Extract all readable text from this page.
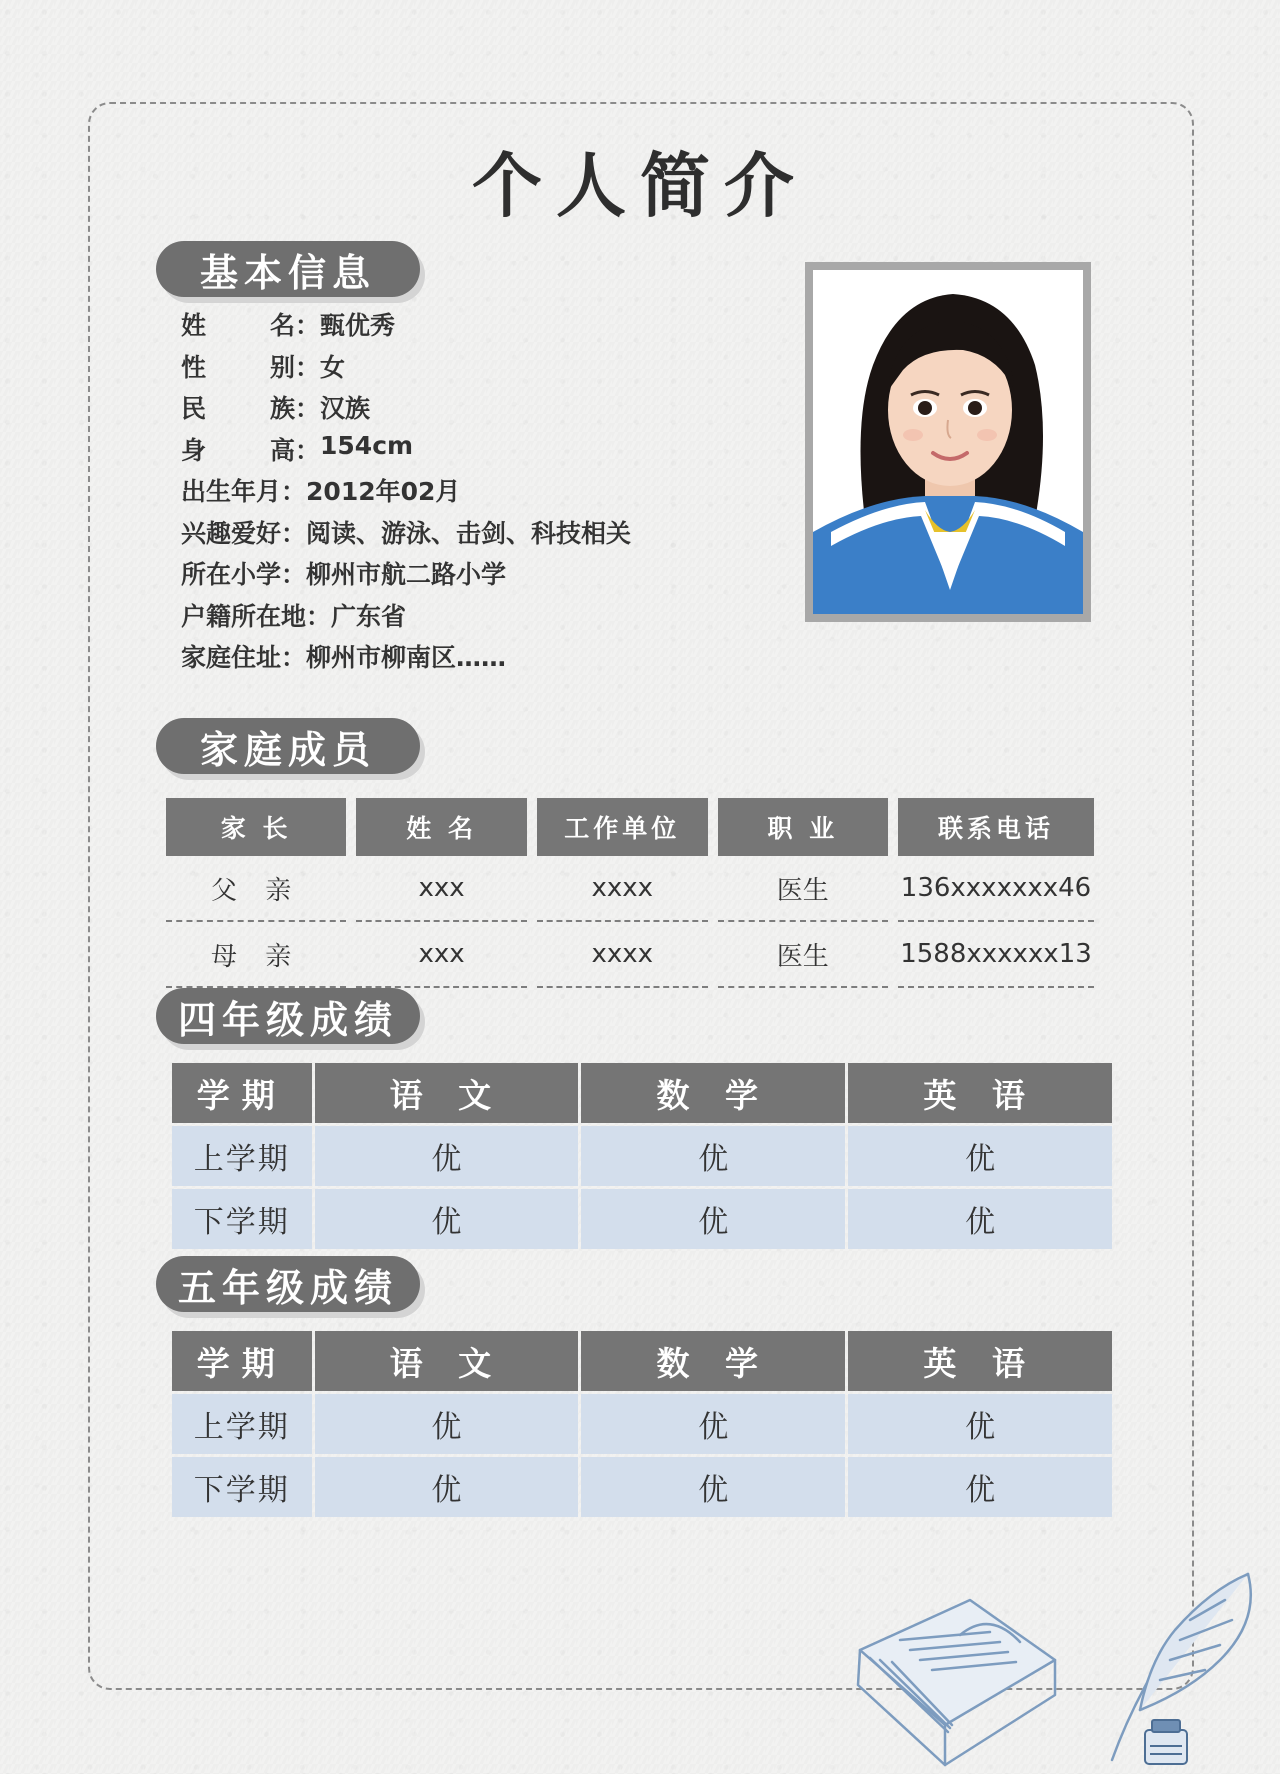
个人简介
基本信息
姓名 ： 甄优秀
性别 ： 女
民族 ： 汉族
身高 ： 154cm
出生年月 ： 2012年02月
兴趣爱好 ： 阅读、游泳、击剑、科技相关
所在小学 ： 柳州市航二路小学
户籍所在地 ： 广东省
家庭住址 ： 柳州市柳南区……
家庭成员
家 长	姓 名	工作单位	职 业	联系电话
父 亲	xxx	xxxx	医生	136xxxxxxx46
母 亲	xxx	xxxx	医生	1588xxxxxx13
四年级成绩
学期	语 文	数 学	英 语
上学期	优	优	优
下学期	优	优	优
五年级成绩
学期	语 文	数 学	英 语
上学期	优	优	优
下学期	优	优	优
